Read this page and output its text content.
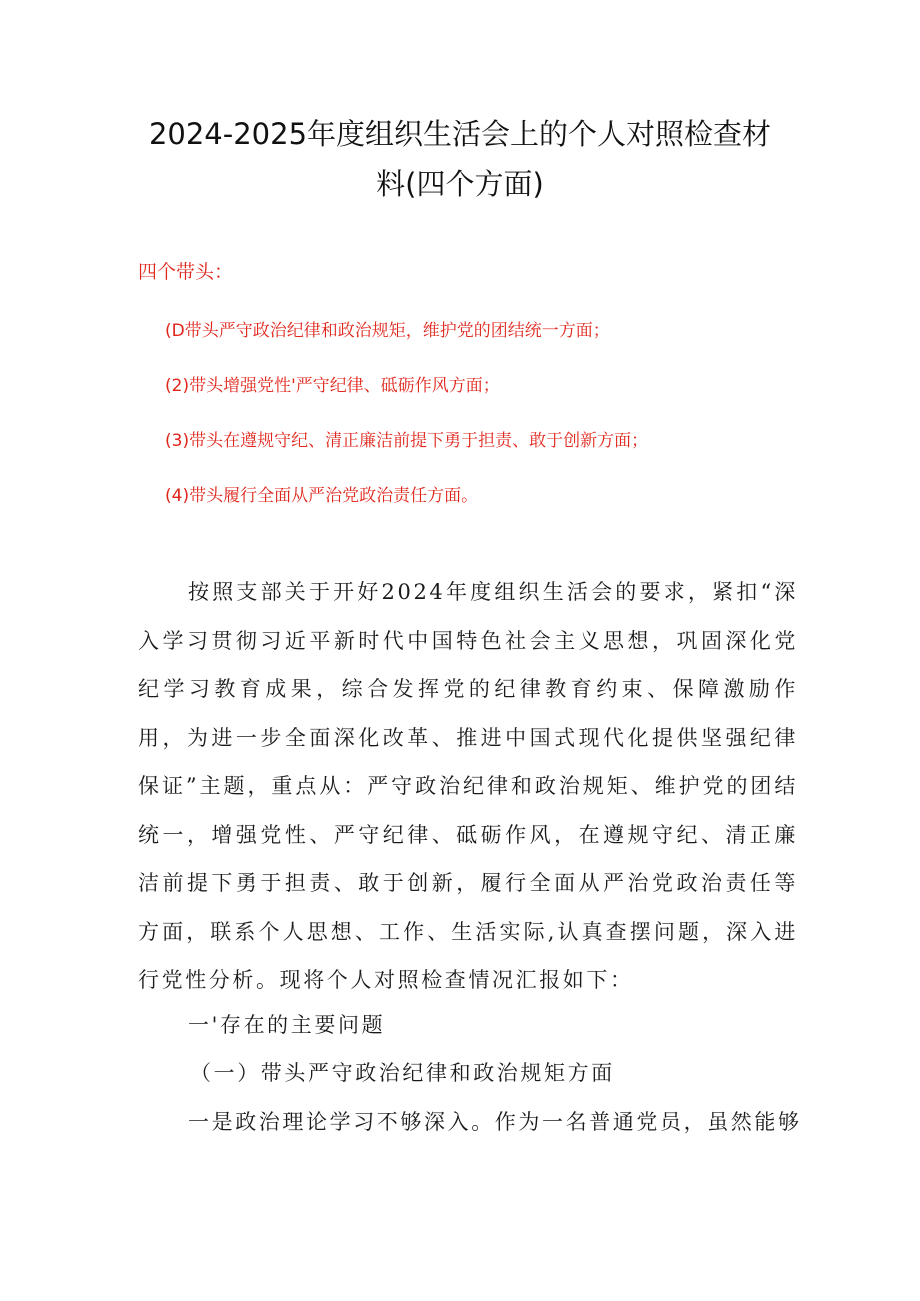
2024-2025年度组织生活会上的个人对照检查材
料(四个方面)

四个带头：

(D带头严守政治纪律和政治规矩，维护党的团结统一方面；

(2)带头增强党性'严守纪律、砥砺作风方面；

(3)带头在遵规守纪、清正廉洁前提下勇于担责、敢于创新方面；

(4)带头履行全面从严治党政治责任方面。

按照支部关于开好2024年度组织生活会的要求，紧扣“深入学习贯彻习近平新时代中国特色社会主义思想，巩固深化党纪学习教育成果，综合发挥党的纪律教育约束、保障激励作用，为进一步全面深化改革、推进中国式现代化提供坚强纪律保证”主题，重点从：严守政治纪律和政治规矩、维护党的团结统一，增强党性、严守纪律、砥砺作风，在遵规守纪、清正廉洁前提下勇于担责、敢于创新，履行全面从严治党政治责任等方面，联系个人思想、工作、生活实际,认真查摆问题，深入进行党性分析。现将个人对照检查情况汇报如下：

一'存在的主要问题

（一）带头严守政治纪律和政治规矩方面

一是政治理论学习不够深入。作为一名普通党员，虽然能够
